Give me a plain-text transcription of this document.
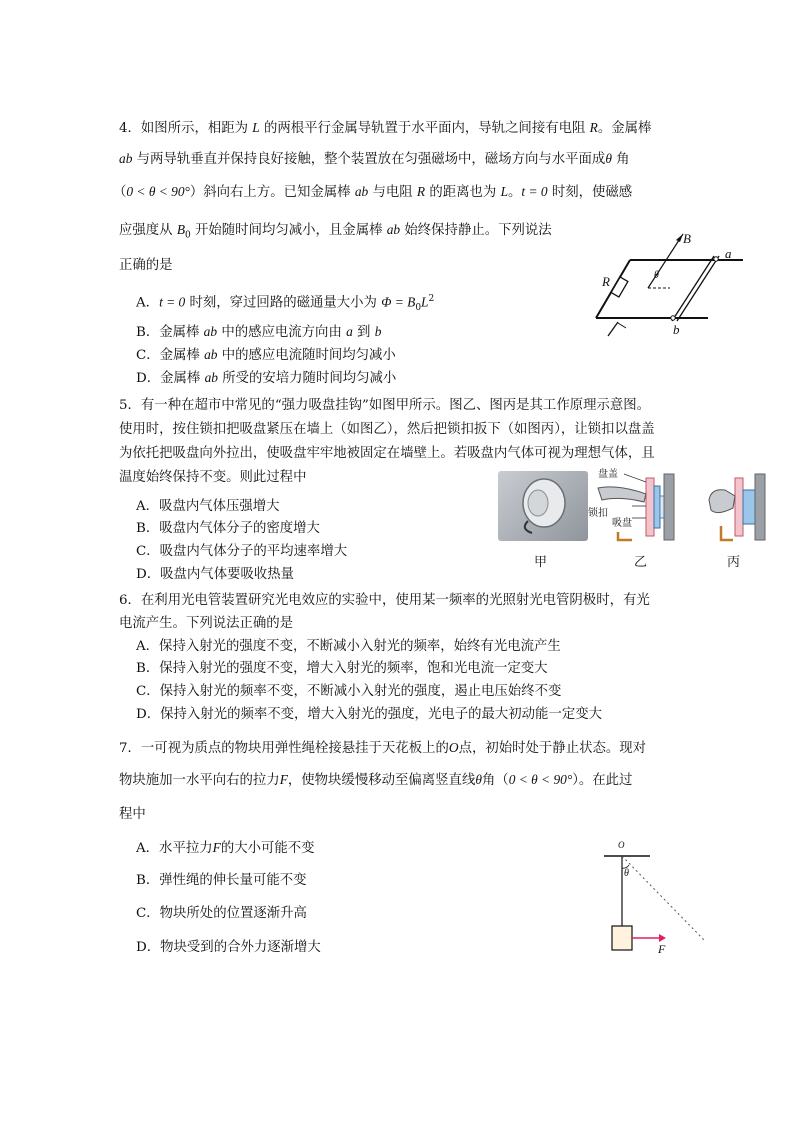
4．如图所示，相距为 L 的两根平行金属导轨置于水平面内，导轨之间接有电阻 R。金属棒
ab 与两导轨垂直并保持良好接触，整个装置放在匀强磁场中，磁场方向与水平面成θ 角
（0 < θ < 90°）斜向右上方。已知金属棒 ab 与电阻 R 的距离也为 L。t = 0 时刻，使磁感
应强度从 $B_0$ 开始随时间均匀减小，且金属棒 ab 始终保持静止。下列说法
正确的是
A．t = 0 时刻，穿过回路的磁通量大小为 $\Phi = B_0L^2$
B．金属棒 ab 中的感应电流方向由 a 到 b
C．金属棒 ab 中的感应电流随时间均匀减小
D．金属棒 ab 所受的安培力随时间均匀减小
B
a
b
R	θ
5．有一种在超市中常见的“强力吸盘挂钩”如图甲所示。图乙、图丙是其工作原理示意图。
使用时，按住锁扣把吸盘紧压在墙上（如图乙），然后把锁扣扳下（如图丙），让锁扣以盘盖
为依托把吸盘向外拉出，使吸盘牢牢地被固定在墙壁上。若吸盘内气体可视为理想气体，且
温度始终保持不变。则此过程中
A．吸盘内气体压强增大
B．吸盘内气体分子的密度增大
C．吸盘内气体分子的平均速率增大
D．吸盘内气体要吸收热量
盘盖
锁扣
吸盘
甲	乙	丙
6．在利用光电管装置研究光电效应的实验中，使用某一频率的光照射光电管阴极时，有光
电流产生。下列说法正确的是
A．保持入射光的强度不变，不断减小入射光的频率，始终有光电流产生
B．保持入射光的强度不变，增大入射光的频率，饱和光电流一定变大
C．保持入射光的频率不变，不断减小入射光的强度，遏止电压始终不变
D．保持入射光的频率不变，增大入射光的强度，光电子的最大初动能一定变大
7．一可视为质点的物块用弹性绳栓接悬挂于天花板上的O点，初始时处于静止状态。现对
物块施加一水平向右的拉力F，使物块缓慢移动至偏离竖直线θ角（0 < θ < 90°）。在此过
程中
A．水平拉力F的大小可能不变
B．弹性绳的伸长量可能不变
C．物块所处的位置逐渐升高
D．物块受到的合外力逐渐增大
O
θ
F
